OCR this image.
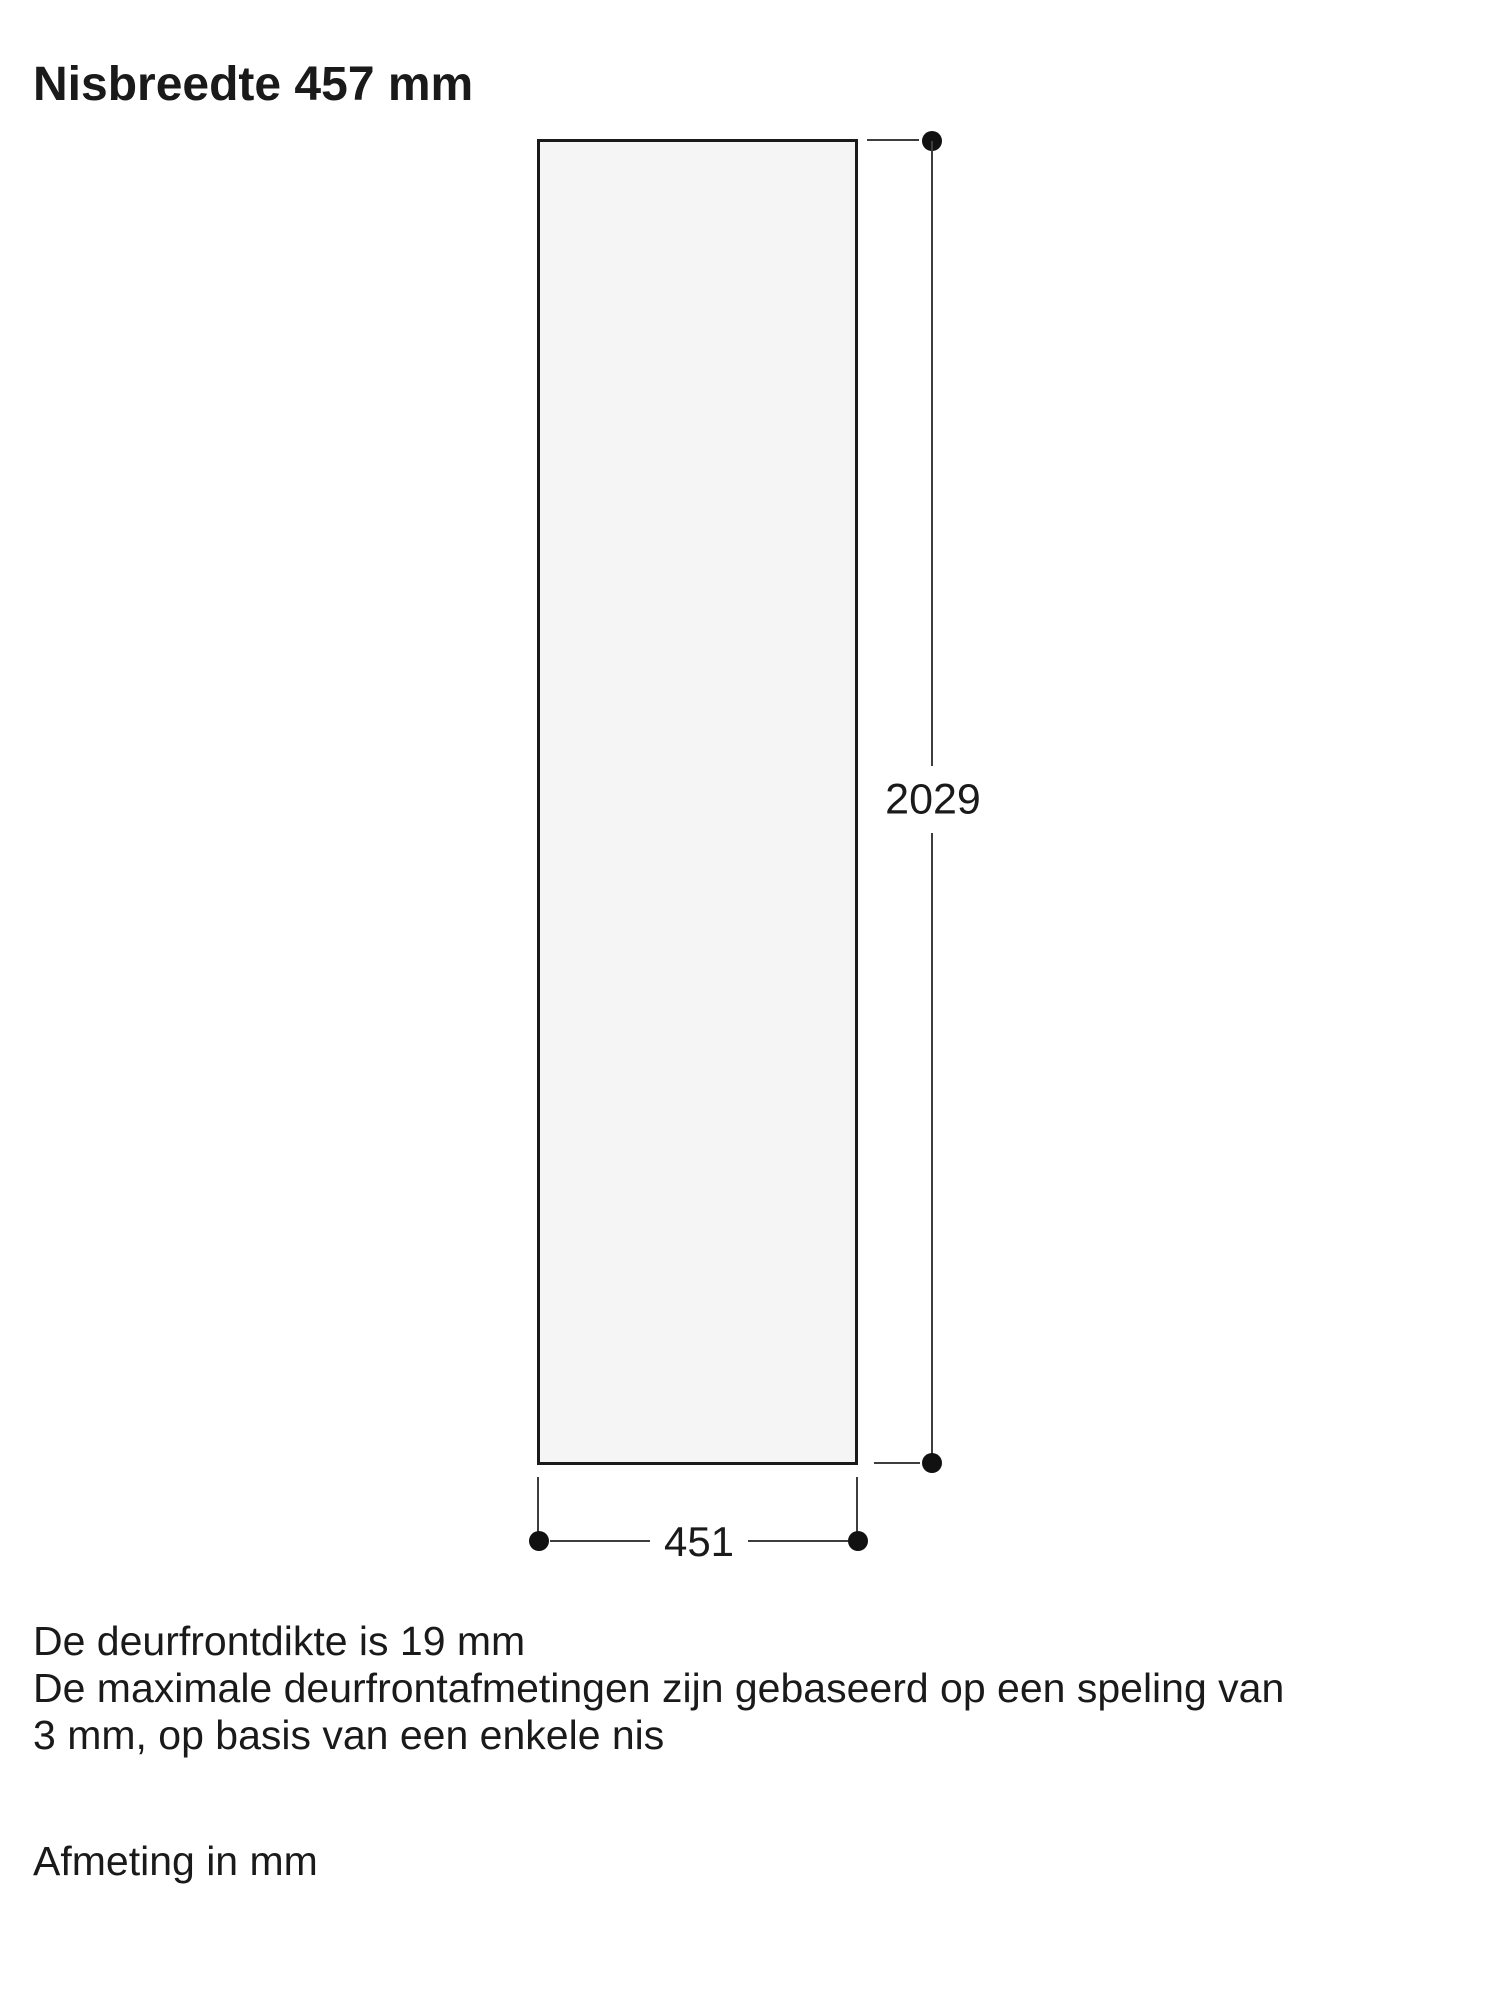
Nisbreedte 457 mm
2029
451
De deurfrontdikte is 19 mm
De maximale deurfrontafmetingen zijn gebaseerd op een speling van
3 mm, op basis van een enkele nis
Afmeting in mm
